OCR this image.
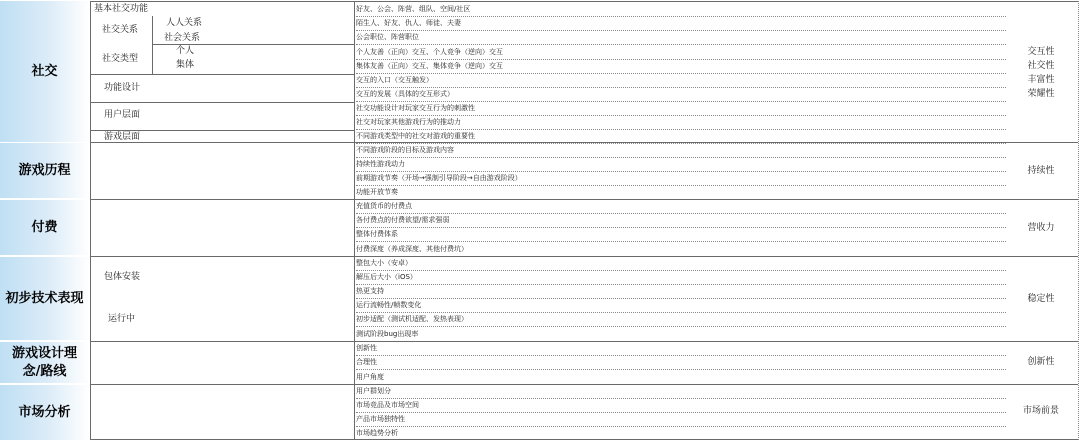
社交
游戏历程
付费
初步技术表现
游戏设计理念/路线
市场分析
基本社交功能
社交关系
社交类型
人人关系
社会关系
个人
集体
功能设计
用户层面
游戏层面
包体安装
运行中
好友、公会、阵营、组队、空间/社区
陌生人、好友、仇人、师徒、夫妻
公会职位、阵营职位
个人友善（正向）交互、个人竞争（逆向）交互
集体友善（正向）交互、集体竞争（逆向）交互
交互的入口（交互触发）
交互的发展（具体的交互形式）
社交功能设计对玩家交互行为的刺激性
社交对玩家其他游戏行为的推动力
不同游戏类型中的社交对游戏的重要性
不同游戏阶段的目标及游戏内容
持续性游戏动力
前期游戏节奏（开场→强制引导阶段→自由游戏阶段）
功能开放节奏
充值货币的付费点
各付费点的付费欲望/需求强弱
整体付费体系
付费深度（养成深度、其他付费坑）
整包大小（安卓）
解压后大小（iOS）
热更支持
运行流畅性/帧数变化
初步适配（测试机适配、发热表现）
测试阶段bug出现率
创新性
合理性
用户角度
用户群划分
市场竞品及市场空间
产品市场独特性
市场趋势分析
交互性
社交性
丰富性
荣耀性
持续性
营收力
稳定性
创新性
市场前景
